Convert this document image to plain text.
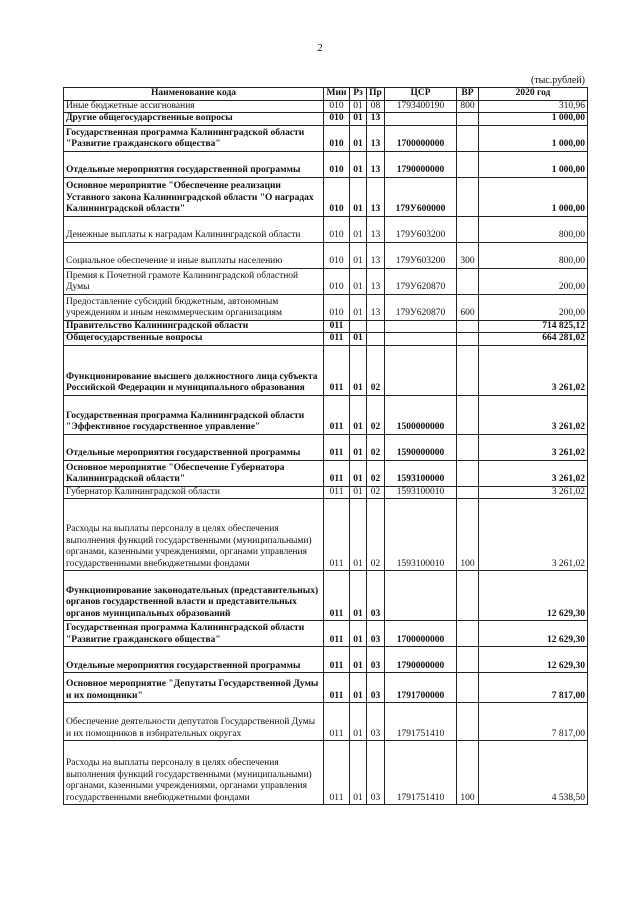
2
(тыс.рублей)
Наименование кода	Мин	Рз	Пр	ЦСР	ВР	2020 год
Иные бюджетные ассигнования	010	01	08	1793400190	800	310,96
Другие общегосударственные вопросы	010	01	13			1 000,00
Государственная программа Калининградской области "Развитие гражданского общества"	010	01	13	1700000000		1 000,00
Отдельные мероприятия государственной программы	010	01	13	1790000000		1 000,00
Основное мероприятие "Обеспечение реализации Уставного закона Калининградской области "О наградах Калининградской области"	010	01	13	179У600000		1 000,00
Денежные выплаты к наградам Калининградской области	010	01	13	179У603200		800,00
Социальное обеспечение и иные выплаты населению	010	01	13	179У603200	300	800,00
Премия к Почетной грамоте Калининградской областной Думы	010	01	13	179У620870		200,00
Предоставление субсидий бюджетным, автономным учреждениям и иным некоммерческим организациям	010	01	13	179У620870	600	200,00
Правительство Калининградской области	011					714 825,12
Общегосударственные вопросы	011	01				664 281,02
Функционирование высшего должностного лица субъекта Российской Федерации и муниципального образования	011	01	02			3 261,02
Государственная программа Калининградской области "Эффективное государственное управление"	011	01	02	1500000000		3 261,02
Отдельные мероприятия государственной программы	011	01	02	1590000000		3 261,02
Основное мероприятие "Обеспечение Губернатора Калининградской области"	011	01	02	1593100000		3 261,02
Губернатор Калининградской области	011	01	02	1593100010		3 261,02
Расходы на выплаты персоналу в целях обеспечения выполнения функций государственными (муниципальными) органами, казенными учреждениями, органами управления государственными внебюджетными фондами	011	01	02	1593100010	100	3 261,02
Функционирование законодательных (представительных) органов государственной власти и представительных органов муниципальных образований	011	01	03			12 629,30
Государственная программа Калининградской области "Развитие гражданского общества"	011	01	03	1700000000		12 629,30
Отдельные мероприятия государственной программы	011	01	03	1790000000		12 629,30
Основное мероприятие "Депутаты Государственной Думы и их помощники"	011	01	03	1791700000		7 817,00
Обеспечение деятельности депутатов Государственной Думы и их помощников в избирательных округах	011	01	03	1791751410		7 817,00
Расходы на выплаты персоналу в целях обеспечения выполнения функций государственными (муниципальными) органами, казенными учреждениями, органами управления государственными внебюджетными фондами	011	01	03	1791751410	100	4 538,50
